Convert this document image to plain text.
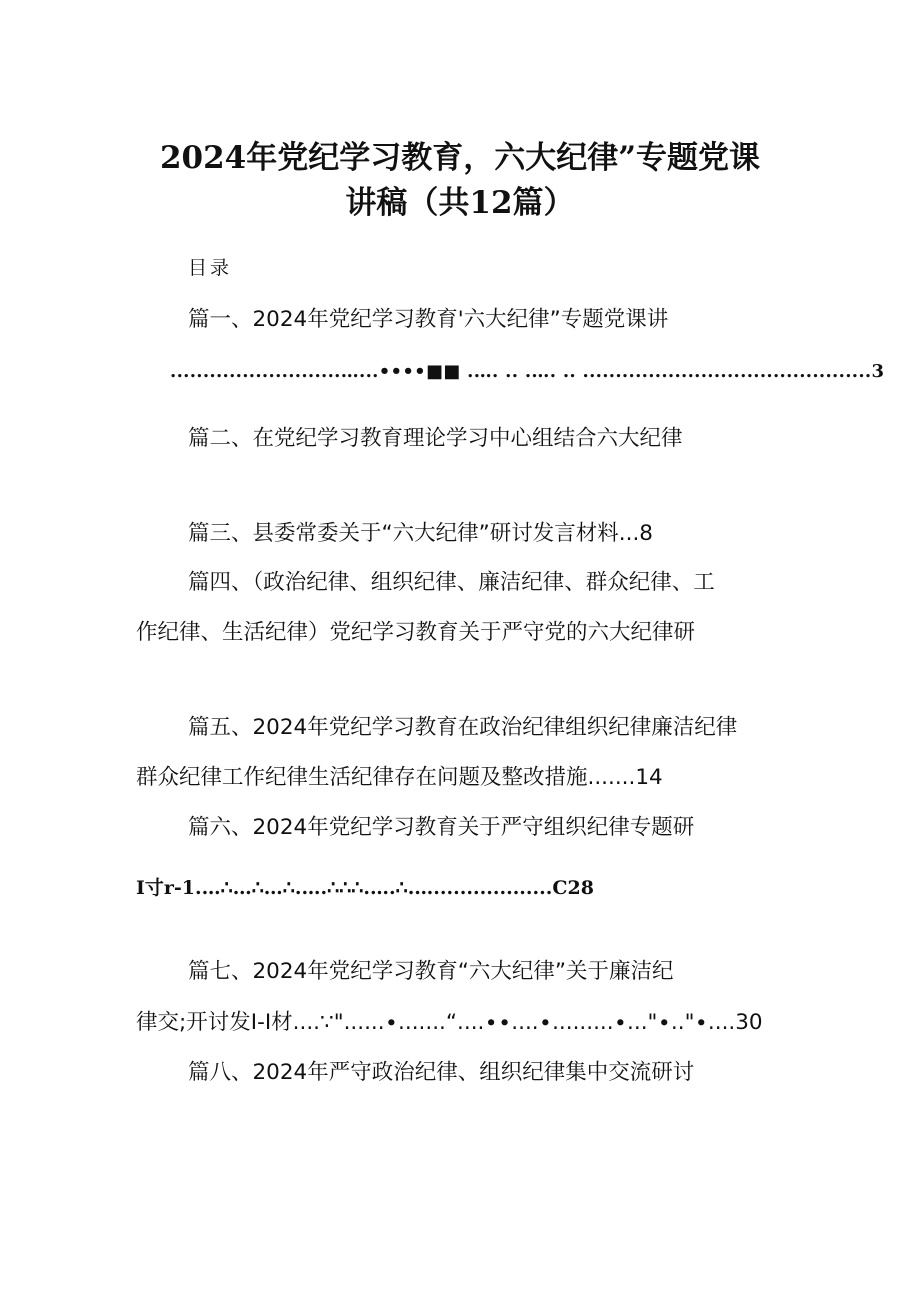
2024年党纪学习教育，六大纪律”专题党课
讲稿（共12篇）
目录
篇一、2024年党纪学习教育'六大纪律”专题党课讲
..........................…...••••■■ .…. .. .…. .. ............................................3
篇二、在党纪学习教育理论学习中心组结合六大纪律
篇三、县委常委关于“六大纪律”研讨发言材料...8
篇四、（政治纪律、组织纪律、廉洁纪律、群众纪律、工
作纪律、生活纪律）党纪学习教育关于严守党的六大纪律研
篇五、2024年党纪学习教育在政治纪律组织纪律廉洁纪律
群众纪律工作纪律生活纪律存在问题及整改措施.......14
篇六、2024年党纪学习教育关于严守组织纪律专题研
I寸r-1.…∴…∴…∴.….∴∴∴.….∴.…..................C28
篇七、2024年党纪学习教育“六大纪律”关于廉洁纪
律交;开讨发I-I材....∵"......∙.......“....∙∙....∙.........∙..."∙.."∙....30
篇八、2024年严守政治纪律、组织纪律集中交流研讨
